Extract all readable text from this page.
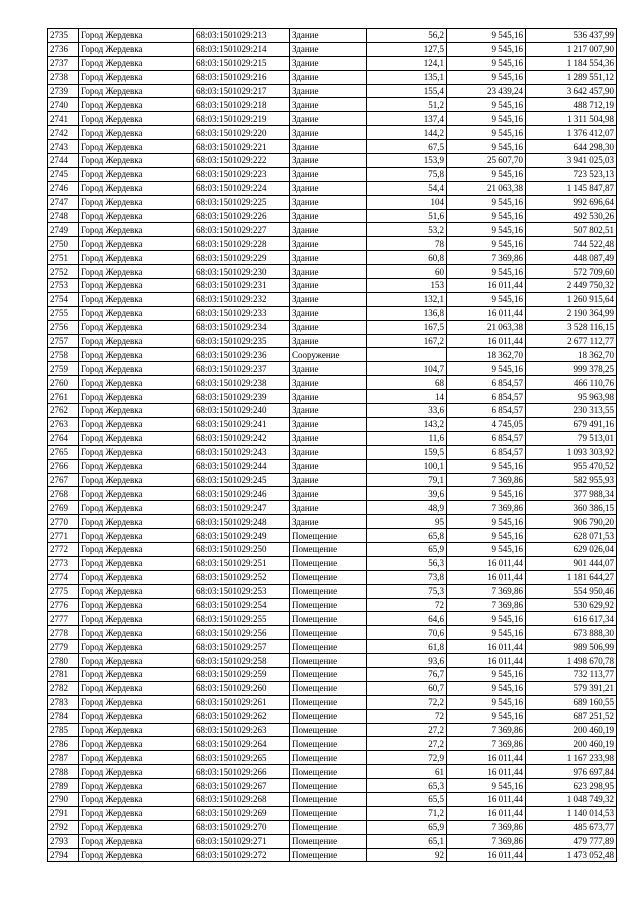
2735	Город Жердевка	68:03:1501029:213	Здание	56,2	9 545,16	536 437,99
2736	Город Жердевка	68:03:1501029:214	Здание	127,5	9 545,16	1 217 007,90
2737	Город Жердевка	68:03:1501029:215	Здание	124,1	9 545,16	1 184 554,36
2738	Город Жердевка	68:03:1501029:216	Здание	135,1	9 545,16	1 289 551,12
2739	Город Жердевка	68:03:1501029:217	Здание	155,4	23 439,24	3 642 457,90
2740	Город Жердевка	68:03:1501029:218	Здание	51,2	9 545,16	488 712,19
2741	Город Жердевка	68:03:1501029:219	Здание	137,4	9 545,16	1 311 504,98
2742	Город Жердевка	68:03:1501029:220	Здание	144,2	9 545,16	1 376 412,07
2743	Город Жердевка	68:03:1501029:221	Здание	67,5	9 545,16	644 298,30
2744	Город Жердевка	68:03:1501029:222	Здание	153,9	25 607,70	3 941 025,03
2745	Город Жердевка	68:03:1501029:223	Здание	75,8	9 545,16	723 523,13
2746	Город Жердевка	68:03:1501029:224	Здание	54,4	21 063,38	1 145 847,87
2747	Город Жердевка	68:03:1501029:225	Здание	104	9 545,16	992 696,64
2748	Город Жердевка	68:03:1501029:226	Здание	51,6	9 545,16	492 530,26
2749	Город Жердевка	68:03:1501029:227	Здание	53,2	9 545,16	507 802,51
2750	Город Жердевка	68:03:1501029:228	Здание	78	9 545,16	744 522,48
2751	Город Жердевка	68:03:1501029:229	Здание	60,8	7 369,86	448 087,49
2752	Город Жердевка	68:03:1501029:230	Здание	60	9 545,16	572 709,60
2753	Город Жердевка	68:03:1501029:231	Здание	153	16 011,44	2 449 750,32
2754	Город Жердевка	68:03:1501029:232	Здание	132,1	9 545,16	1 260 915,64
2755	Город Жердевка	68:03:1501029:233	Здание	136,8	16 011,44	2 190 364,99
2756	Город Жердевка	68:03:1501029:234	Здание	167,5	21 063,38	3 528 116,15
2757	Город Жердевка	68:03:1501029:235	Здание	167,2	16 011,44	2 677 112,77
2758	Город Жердевка	68:03:1501029:236	Сооружение		18 362,70	18 362,70
2759	Город Жердевка	68:03:1501029:237	Здание	104,7	9 545,16	999 378,25
2760	Город Жердевка	68:03:1501029:238	Здание	68	6 854,57	466 110,76
2761	Город Жердевка	68:03:1501029:239	Здание	14	6 854,57	95 963,98
2762	Город Жердевка	68:03:1501029:240	Здание	33,6	6 854,57	230 313,55
2763	Город Жердевка	68:03:1501029:241	Здание	143,2	4 745,05	679 491,16
2764	Город Жердевка	68:03:1501029:242	Здание	11,6	6 854,57	79 513,01
2765	Город Жердевка	68:03:1501029:243	Здание	159,5	6 854,57	1 093 303,92
2766	Город Жердевка	68:03:1501029:244	Здание	100,1	9 545,16	955 470,52
2767	Город Жердевка	68:03:1501029:245	Здание	79,1	7 369,86	582 955,93
2768	Город Жердевка	68:03:1501029:246	Здание	39,6	9 545,16	377 988,34
2769	Город Жердевка	68:03:1501029:247	Здание	48,9	7 369,86	360 386,15
2770	Город Жердевка	68:03:1501029:248	Здание	95	9 545,16	906 790,20
2771	Город Жердевка	68:03:1501029:249	Помещение	65,8	9 545,16	628 071,53
2772	Город Жердевка	68:03:1501029:250	Помещение	65,9	9 545,16	629 026,04
2773	Город Жердевка	68:03:1501029:251	Помещение	56,3	16 011,44	901 444,07
2774	Город Жердевка	68:03:1501029:252	Помещение	73,8	16 011,44	1 181 644,27
2775	Город Жердевка	68:03:1501029:253	Помещение	75,3	7 369,86	554 950,46
2776	Город Жердевка	68:03:1501029:254	Помещение	72	7 369,86	530 629,92
2777	Город Жердевка	68:03:1501029:255	Помещение	64,6	9 545,16	616 617,34
2778	Город Жердевка	68:03:1501029:256	Помещение	70,6	9 545,16	673 888,30
2779	Город Жердевка	68:03:1501029:257	Помещение	61,8	16 011,44	989 506,99
2780	Город Жердевка	68:03:1501029:258	Помещение	93,6	16 011,44	1 498 670,78
2781	Город Жердевка	68:03:1501029:259	Помещение	76,7	9 545,16	732 113,77
2782	Город Жердевка	68:03:1501029:260	Помещение	60,7	9 545,16	579 391,21
2783	Город Жердевка	68:03:1501029:261	Помещение	72,2	9 545,16	689 160,55
2784	Город Жердевка	68:03:1501029:262	Помещение	72	9 545,16	687 251,52
2785	Город Жердевка	68:03:1501029:263	Помещение	27,2	7 369,86	200 460,19
2786	Город Жердевка	68:03:1501029:264	Помещение	27,2	7 369,86	200 460,19
2787	Город Жердевка	68:03:1501029:265	Помещение	72,9	16 011,44	1 167 233,98
2788	Город Жердевка	68:03:1501029:266	Помещение	61	16 011,44	976 697,84
2789	Город Жердевка	68:03:1501029:267	Помещение	65,3	9 545,16	623 298,95
2790	Город Жердевка	68:03:1501029:268	Помещение	65,5	16 011,44	1 048 749,32
2791	Город Жердевка	68:03:1501029:269	Помещение	71,2	16 011,44	1 140 014,53
2792	Город Жердевка	68:03:1501029:270	Помещение	65,9	7 369,86	485 673,77
2793	Город Жердевка	68:03:1501029:271	Помещение	65,1	7 369,86	479 777,89
2794	Город Жердевка	68:03:1501029:272	Помещение	92	16 011,44	1 473 052,48
